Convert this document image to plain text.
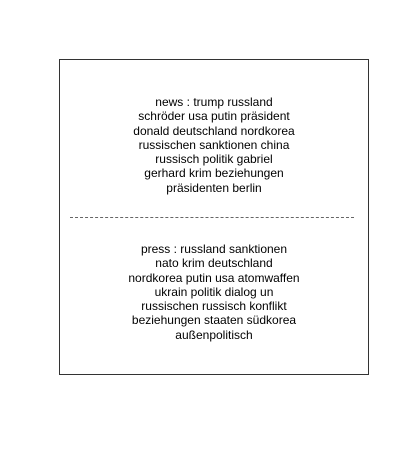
news : trump russland
schröder usa putin präsident
donald deutschland nordkorea
russischen sanktionen china
russisch politik gabriel
gerhard krim beziehungen
präsidenten berlin
press : russland sanktionen
nato krim deutschland
nordkorea putin usa atomwaffen
ukrain politik dialog un
russischen russisch konflikt
beziehungen staaten südkorea
außenpolitisch
